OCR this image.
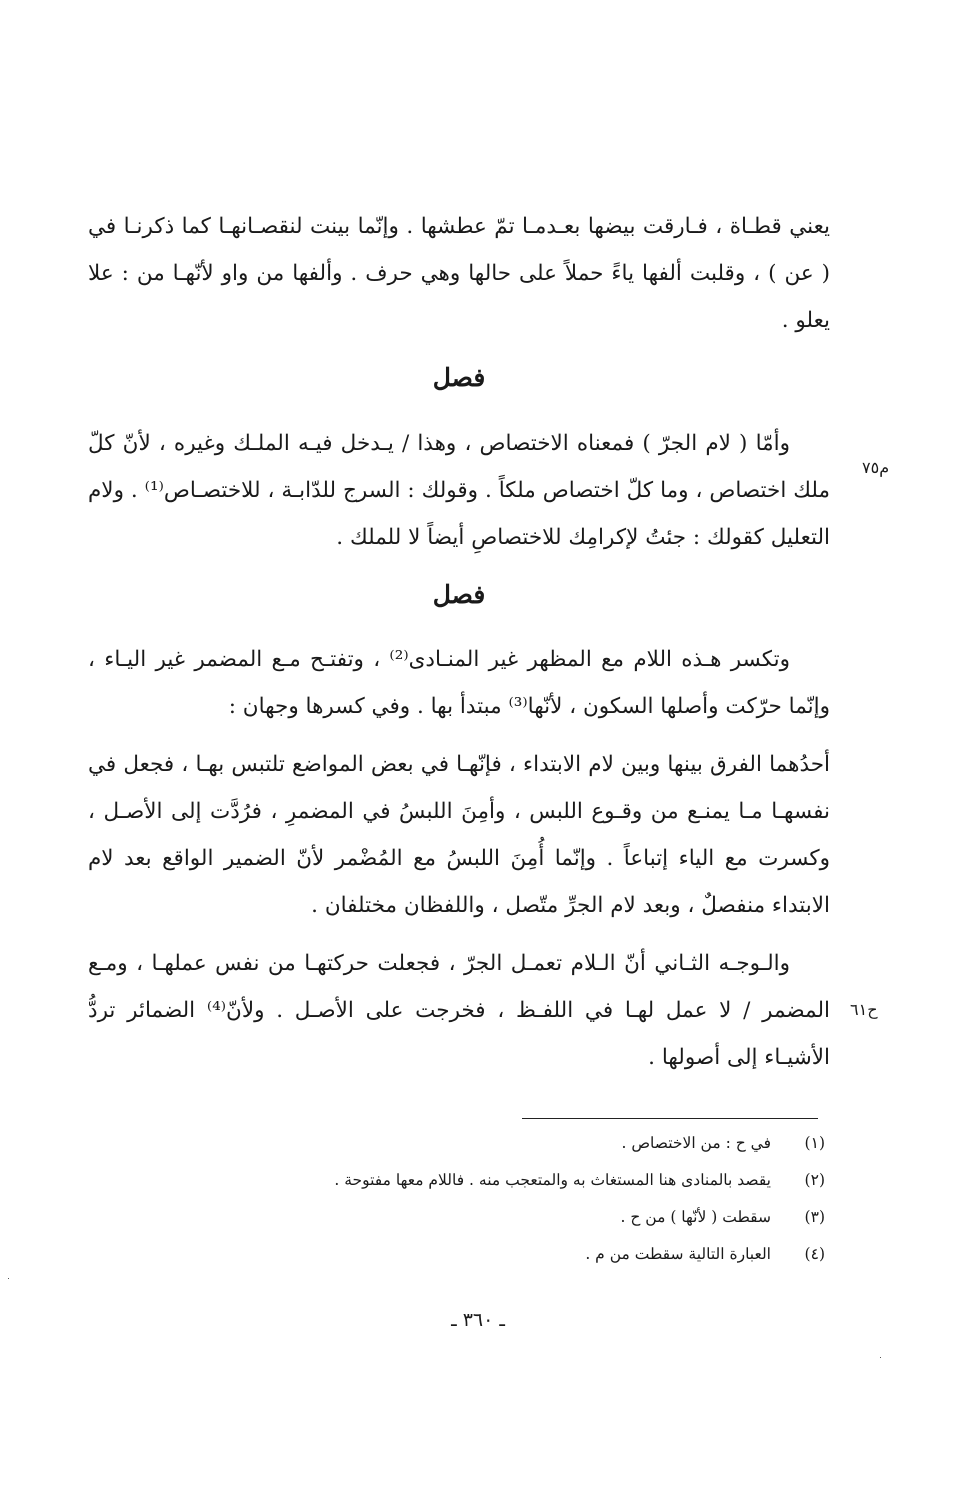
يعني قطـاة ، فـارقت بيضها بعـدمـا تمّ عطشها . وإنّما بينت لنقصـانهـا كما ذكرنـا في ( عن ) ، وقلبت ألفها ياءً حملاً على حالها وهي حرف . وألفها من واو لأنّهـا من : علا يعلو .
فصل
م٧٥
وأمّا ( لام الجرّ ) فمعناه الاختصاص ، وهذا / يـدخل فيـه الملـك وغيره ، لأنّ كلّ ملك اختصاص ، وما كلّ اختصاص ملكاً . وقولك : السرج للدّابـة ، للاختصـاص⁽¹⁾ . ولام التعليل كقولك : جئتُ لإكرامِك للاختصاصِ أيضاً لا للملك .
فصل
وتكسر هـذه اللام مع المظهر غير المنـادى⁽²⁾ ، وتفتـح مـع المضمر غير اليـاء ، وإنّما حرّكت وأصلها السكون ، لأنّها⁽³⁾ مبتدأ بها . وفي كسرها وجهان :
أحدُهما الفرق بينها وبين لام الابتداء ، فإنّهـا في بعض المواضع تلتبس بهـا ، فجعل في نفسهـا مـا يمنـع من وقـوع اللبس ، وأمِنَ اللبسُ في المضمرِ ، فرُدَّت إلى الأصـل ، وكسرت مع الياء إتباعاً . وإنّما أُمِنَ اللبسُ مع المُضْمر لأنّ الضمير الواقع بعد لام الابتداء منفصلٌ ، وبعد لام الجرِّ متّصل ، واللفظان مختلفان .
ح٦١
والـوجـه الثـاني أنّ الـلام تعمـل الجرّ ، فجعلت حركتهـا من نفس عملهـا ، ومـع المضمر / لا عمل لهـا في اللفـظ ، فخرجت على الأصـل . ولأنّ⁽⁴⁾ الضمائر تردُّ الأشيـاء إلى أصولها .
(١)
في ح : من الاختصاص .
(٢)
يقصد بالمنادى هنا المستغاث به والمتعجب منه . فاللام معها مفتوحة .
(٣)
سقطت ( لأنّها ) من ح .
(٤)
العبارة التالية سقطت من م .
ـ ٣٦٠ ـ
